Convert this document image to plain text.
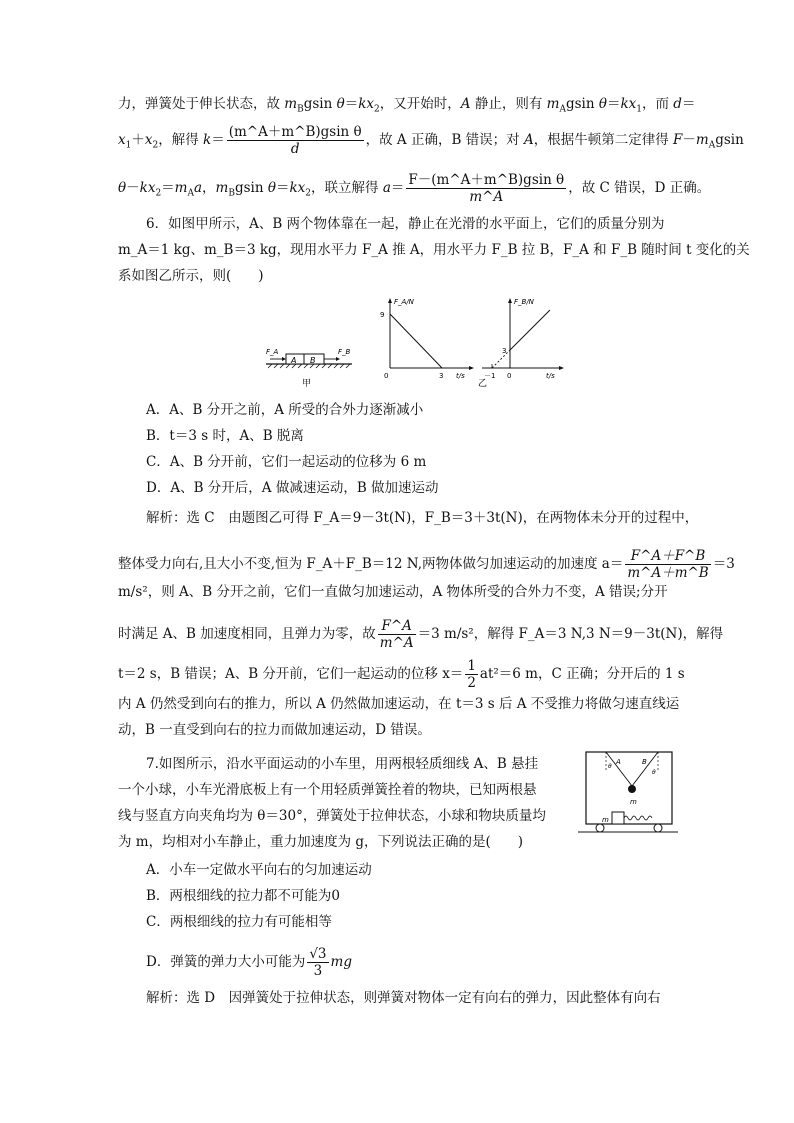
力，弹簧处于伸长状态，故 $m_Bgsin$ $\theta=kx_2$，又开始时，A 静止，则有 $m_Agsin$ $\theta=kx_1$，而 d＝
$x_1+x_2$，解得 $k= \frac{\text{(m\textasciicircum{}A＋m\textasciicircum{}B)gsin θ}}{d}$ ，故 A 正确，B 错误；对 A，根据牛顿第二定律得 $F-m_Agsin$
$\theta-kx_2=m_Aa$，$m_Bgsin$ $\theta=kx_2$，联立解得 $a= \frac{\text{F－(m\textasciicircum{}A＋m\textasciicircum{}B)gsin θ}}{m\^{}A}$ ，故 C 错误，D 正确。
6．如图甲所示，A、B 两个物体靠在一起，静止在光滑的水平面上，它们的质量分别为
m_A＝1 kg、m_B＝3 kg，现用水平力 F_A 推 A，用水平力 F_B 拉 B，F_A 和 F_B 随时间 t 变化的关
系如图乙所示，则(　　)
A B
F_A	F_B
甲
F_A/N
9
0	3 t/s
F_B/N
3
－1 0	t/s
乙
A．A、B 分开之前，A 所受的合外力逐渐减小
B．t＝3 s 时，A、B 脱离
C．A、B 分开前，它们一起运动的位移为 6 m
D．A、B 分开后，A 做减速运动，B 做加速运动
解析：选 C　由题图乙可得 F_A＝9－3t(N)，F_B＝3＋3t(N)，在两物体未分开的过程中，
整体受力向右,且大小不变,恒为 F_A＋F_B＝12 N,两物体做匀加速运动的加速度 $a= \frac{F\^{}A+F\^{}B}{m\^{}A+m\^{}B} =3$
m/s²，则 A、B 分开之前，它们一直做匀加速运动，A 物体所受的合外力不变，A 错误;分开
时满足 A、B 加速度相同，且弹力为零，故 $\frac{F\^{}A}{m\^{}A} =3$ m/s²，解得 F_A＝3 N,3 N＝9－3t(N)，解得
t＝2 s，B 错误；A、B 分开前，它们一起运动的位移 $x= \frac{1}{2} at^2=6$ m，C 正确；分开后的 1 s
内 A 仍然受到向右的推力，所以 A 仍然做加速运动，在 t＝3 s 后 A 不受推力将做匀速直线运
动，B 一直受到向右的拉力而做加速运动，D 错误。
7.如图所示，沿水平面运动的小车里，用两根轻质细线 A、B 悬挂
一个小球，小车光滑底板上有一个用轻质弹簧拴着的物块，已知两根悬
线与竖直方向夹角均为 θ＝30°，弹簧处于拉伸状态，小球和物块质量均
为 m，均相对小车静止，重力加速度为 g，下列说法正确的是(　　)
A	B
θ
θ
m
m
A．小车一定做水平向右的匀加速运动
B．两根细线的拉力都不可能为0
C．两根细线的拉力有可能相等
D．弹簧的弹力大小可能为 $\frac{√3}{3}$ mg
解析：选 D　因弹簧处于拉伸状态，则弹簧对物体一定有向右的弹力，因此整体有向右
